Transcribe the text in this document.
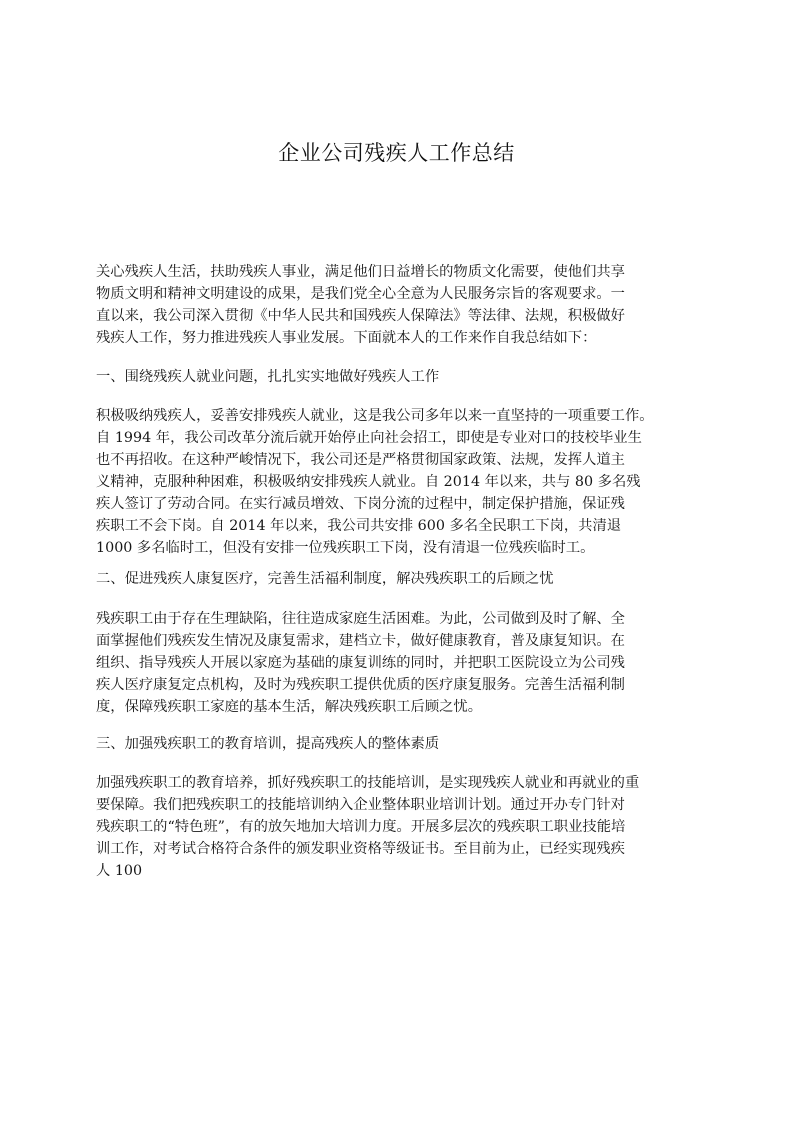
企业公司残疾人工作总结
关心残疾人生活，扶助残疾人事业，满足他们日益增长的物质文化需要，使他们共享
物质文明和精神文明建设的成果，是我们党全心全意为人民服务宗旨的客观要求。一
直以来，我公司深入贯彻《中华人民共和国残疾人保障法》等法律、法规，积极做好
残疾人工作，努力推进残疾人事业发展。下面就本人的工作来作自我总结如下：
一、围绕残疾人就业问题，扎扎实实地做好残疾人工作
积极吸纳残疾人，妥善安排残疾人就业，这是我公司多年以来一直坚持的一项重要工作。
自 1994 年，我公司改革分流后就开始停止向社会招工，即使是专业对口的技校毕业生
也不再招收。在这种严峻情况下，我公司还是严格贯彻国家政策、法规，发挥人道主
义精神，克服种种困难，积极吸纳安排残疾人就业。自 2014 年以来，共与 80 多名残
疾人签订了劳动合同。在实行减员增效、下岗分流的过程中，制定保护措施，保证残
疾职工不会下岗。自 2014 年以来，我公司共安排 600 多名全民职工下岗，共清退
1000 多名临时工，但没有安排一位残疾职工下岗，没有清退一位残疾临时工。
二、促进残疾人康复医疗，完善生活福利制度，解决残疾职工的后顾之忧
残疾职工由于存在生理缺陷，往往造成家庭生活困难。为此，公司做到及时了解、全
面掌握他们残疾发生情况及康复需求，建档立卡，做好健康教育，普及康复知识。在
组织、指导残疾人开展以家庭为基础的康复训练的同时，并把职工医院设立为公司残
疾人医疗康复定点机构，及时为残疾职工提供优质的医疗康复服务。完善生活福利制
度，保障残疾职工家庭的基本生活，解决残疾职工后顾之忧。
三、加强残疾职工的教育培训，提高残疾人的整体素质
加强残疾职工的教育培养，抓好残疾职工的技能培训，是实现残疾人就业和再就业的重
要保障。我们把残疾职工的技能培训纳入企业整体职业培训计划。通过开办专门针对
残疾职工的“特色班”，有的放矢地加大培训力度。开展多层次的残疾职工职业技能培
训工作，对考试合格符合条件的颁发职业资格等级证书。至目前为止，已经实现残疾
人 100
